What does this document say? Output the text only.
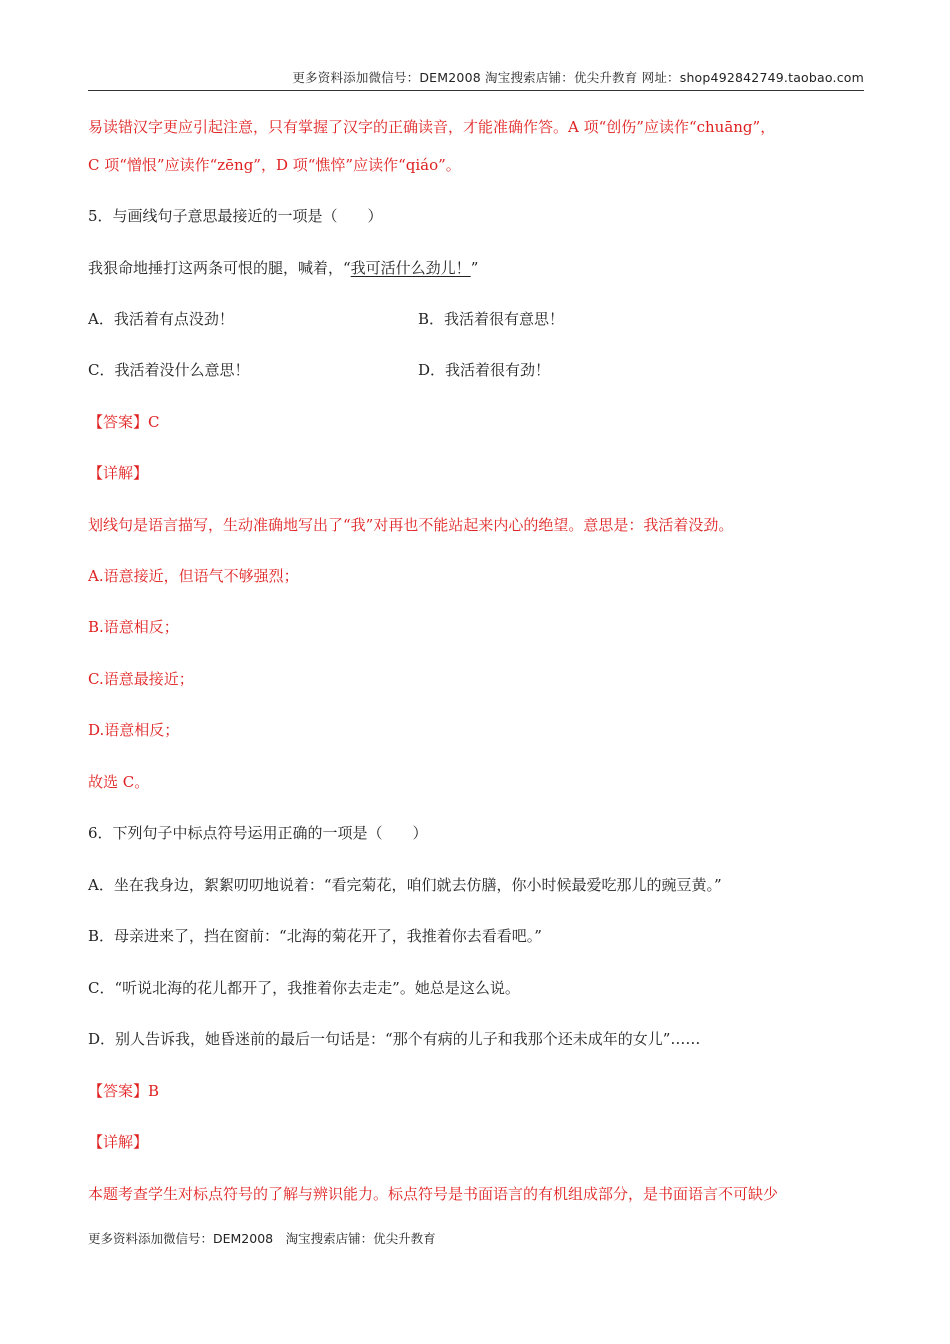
更多资料添加微信号：DEM2008 淘宝搜索店铺：优尖升教育 网址：shop492842749.taobao.com
易读错汉字更应引起注意，只有掌握了汉字的正确读音，才能准确作答。A 项“创伤”应读作“chuāng”，
C 项“憎恨”应读作“zēng”，D 项“憔悴”应读作“qiáo”。
5．与画线句子意思最接近的一项是（　　）
我狠命地捶打这两条可恨的腿，喊着，“我可活什么劲儿！”
A．我活着有点没劲！	B．我活着很有意思！
C．我活着没什么意思！	D．我活着很有劲！
【答案】C
【详解】
划线句是语言描写，生动准确地写出了“我”对再也不能站起来内心的绝望。意思是：我活着没劲。
A.语意接近，但语气不够强烈；
B.语意相反；
C.语意最接近；
D.语意相反；
故选 C。
6．下列句子中标点符号运用正确的一项是（　　）
A．坐在我身边，絮絮叨叨地说着：“看完菊花，咱们就去仿膳，你小时候最爱吃那儿的豌豆黄。”
B．母亲进来了，挡在窗前：“北海的菊花开了，我推着你去看看吧。”
C．“听说北海的花儿都开了，我推着你去走走”。她总是这么说。
D．别人告诉我，她昏迷前的最后一句话是：“那个有病的儿子和我那个还未成年的女儿”……
【答案】B
【详解】
本题考查学生对标点符号的了解与辨识能力。标点符号是书面语言的有机组成部分，是书面语言不可缺少
更多资料添加微信号：DEM2008　淘宝搜索店铺：优尖升教育
